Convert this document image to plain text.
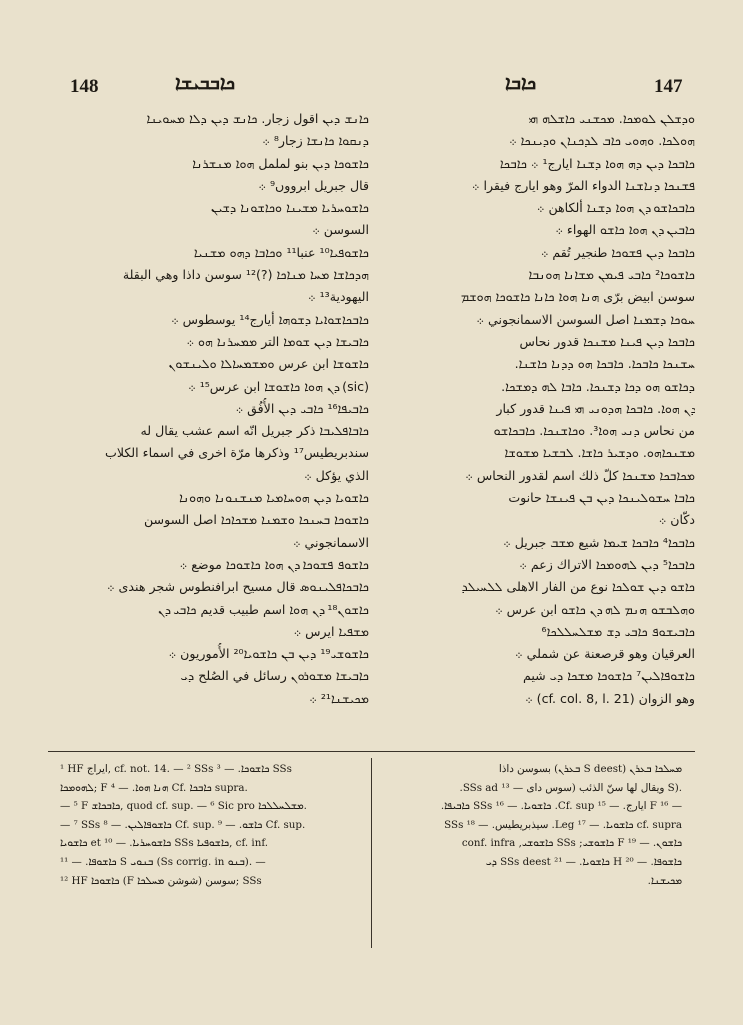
148	ܟܐܒܒܝܫܐ	ܟܐܒܐ	147
ܟܐܢܫ ܕܝܢ اقول زجار. ܟܐܢܫ ܕܝܢ ܕܠܐ ܡܚܘܝܢܐ
ܕܢܩܘܐ ܟܐܢܫܐ زجار⁸ ܀
ܟܐܫܘܟܐ ܕܝܢ بنو لململ ܗܘܐ ܡܢܫܪܢܐ
قال جبريل ابرووں⁹ ܀
ܟܐܫܘܚܪܝܐ ܡܫܝܢܐ ܘܟܐܫܘܢܐ ܕܫܝܢ
السوسن ܀
ܟܐܫܘܦܝܐ¹⁰ عنبا¹¹ ܘܟܐܒܐ ܕܗܘ ܡܫܢܝܐ
ܗܕܟܐܫܐ ܡܚܐ ܡܢܐܟܐ (?)¹² سوسن داذا وهي البقلة
اليهودية¹³ ܀
ܟܐܒܟܐܫܘܐܝܐ ܕܫܘܗܐ أيارج¹⁴ يوسطوس ܀
ܟܐܒܝܫܐ ܕܝܢ ܫܘܡܐ التر ܡܡܚܪܢܐ ܗܘ ܀
ܟܐܫܘܫܐ ابن عرس ܘܡܫܡܚܐܠܐ ܘܠܝܢܫܘܢ
(sic) ܕܢ ܗܘܐ ܟܐܫܘܫܐ ابن عرس¹⁵ ܀
ܟܐܒܝܦܐ¹⁶ ܟܐܒܝ ܕܝܢ الأُفُق ܀
ܟܐܒܐܦܠܝܒܐ ذكر جبريل انّه اسم عشب يقال له
سندبريطيس¹⁷ وذكرها مرّة اخرى في اسماء الكلاب
الذي يؤكل ܀
ܟܐܫܘܝܐ ܕܝܢ ܗܘܚܐܡܝܐ ܡܢܫܢܘܢܐ ܘܗܘܢܐ
ܟܐܫܘܟܐ ܒܚܢܟܐ ܘܫܡܢܐ ܡܫܟܐܟܐ اصل السوسن
الاسمانجوني ܀
ܟܐܫܘܦ ܦܫܘܟܐ ܕܢ ܗܘܐ ܟܐܫܘܟܐ موضع ܀
ܟܐܒܟܐܦܠܝܢܘܣ قال مسيح ابرافنطوس شجر هندى ܀
ܟܐܫܘܢ¹⁸ ܕܢ ܗܘܐ اسم طبيب قديم ܟܐܒܝ ܕܢ
ܡܫܦܝܐ ايرس ܀
ܟܐܫܘܫܝ¹⁹ ܕܝܢ ܒܢ ܟܐܫܘܝܐ²⁰ الأُموريون ܀
ܟܐܒܝܫܐ ܡܫܘܪܘܢ رسائل في الصُلح ܕܝ
ܡܟܝܫܢܐ²¹ ܀
ܘܕܫܠܢ ܠܘܡܟܐ. ܡܟܫܢܝ ܟܐܫܠܗ ܗܝ
ܗܘܠܟܐ. ܘܗܘܝ ܟܐܒ ܠܕܟܢܐܢ ܘܕܝܢܟܐ ܀
ܟܐܒܟܐ ܕܝܢ ܕܗ ܗܘܐ ܕܫܢܐ ايارج¹ ܀ ܟܐܒܟܐ
ܦܫܢܟܐ ܕܢܐܫܢܐ الدواء المرّ وهو ايارج فيقرا ܀
ܟܐܒܟܐܫܘ ܕܢ ܗܘܐ ܕܫܢܐ ألكاهن ܀
ܟܐܒܝܢ ܕܢ ܗܘܐ ܟܐܫܘ الهواء ܀
ܟܐܒܟܐ ܕܝܢ ܦܫܘܟܐ طنجير تُقم ܀
ܟܐܫܘܟܐ² ܟܐܒܝ ܦܝܡܢ ܡܫܐܢܐ ܗܘܢܒܐ
سوسن ابيض برّى ܗܢܐ ܗܘܐ ܟܐܢܐ ܟܐܫܘܟܐ ܗܘܫܡ
ܚܘܟܐ ܕܫܡܢܐ اصل السوسن الاسمانجوني ܀
ܟܐܒܟܐ ܕܝܢ ܦܝܢܐ ܡܫܢܟܐ قدور نحاس
ܚܫܢܟܐ ܟܐܒܟܐ. ܟܐܒܟܐ ܗܘ ܕܕܢܐ ܟܐܫܢܐ.
ܕܟܐܫܘ ܗܘ ܕܟܐ ܕܫܢܟܐ. ܟܐܒܐ ܠܗ ܕܡܫܟܐ.
ܕܢ ܗܘܐ. ܟܐܒܟܐ ܗܕܘܢܝ ܗܝ ܦܝܢܐ قدور كبار
من نحاس ܕܢܝ ܗܘܐ³. ܘܟܐܫܢܟܐ. ܟܐܒܟܐܫܘ
ܡܫܢܟܐܗܘ. ܘܕܫܝܪ ܟܐܫܐ. ܠܒܫܝܐ ܡܫܘܫܐ
ܡܟܐܒܟܐ ܡܫܢܟܐ كلّ ذلك اسم لقدور النحاس ܀
ܟܐܒܐ ܚܫܘܠܝܢܟܐ ܕܝܢ ܒܢ ܦܝܢܫܐ حانوت
دكّان ܀
ܟܐܒܟܐ⁴ ܟܐܒܟܐ ܫܝܡܐ شيع ܡܫܒ جبريل ܀
ܟܐܒܟܐ⁵ ܕܝܢ ܠܗܘܡܟܐ الاتراك زعم ܀
ܟܐܫܘ ܕܝܢ ܫܘܠܟܐ نوع من الفار الاهلى ܠܠܚܝܠܕ
ܘܗܠܒܫܘ ܗܢܡ ܠܗ ܕܢ ܟܐܫܘ ابن عرس ܀
ܟܐܒܝܫܘܦ ܟܐܒܝ ܕܫ ܡܫܠܚܠܠܟܐ⁶
العرقيان وهو قرصعنة عن شملي ܀
ܟܐܫܘܦܐܠܝܢ⁷ ܟܐܫܘܟܐ ܡܫܟܐ ܕܝ شيم
وهو الزوان (cf. col. 8, l. 21) ܀
¹ HF ايراج, cf. not. 14. — ² SSs ܟܐܫܘܟܐ. — ³ SSs
ܠܗܘܡܟܐ; F ܗܢܐ ܗܘܐ. — ⁴ Cf. ܟܐܒܟܐ supra.
— ⁵ F ܟܐܒܟܐܫ, quod cf. sup. — ⁶ Sic pro ܡܫܠܚܠܠܟܐ.
— ⁷ SSs ܟܐܫܘܦܐܠܝܢ. — ⁸ Cf. sup. ܟܐܫܘ. — ⁹ Cf. sup.
ܟܐܫܘܝܐ et ܟܐܫܘܚܪܝܐ. — ¹⁰ SSs ܟܐܫܘܦܝܐ, cf. inf.
ܟܐܫܘܦܐ. — ¹¹ S ܒܢܘܝ (Ss corrig. in ܒܢܘ). —
¹² HF ܟܐܫܘܟܐ (F سوسن (شوشن ܡܚܠܟܐ; SSs
ܡܚܠܟܐ ܒܥܪܢ (S deest ܒܥܪܢ) بسوسن داذا
.(S ويقال لها سنّ الذئب (سوس داى — ¹³ SSs ad.
— ¹⁶ F ايارج. — ¹⁵ Cf. sup. ܟܐܫܘܝܐ. — ¹⁶ SSs ܟܐܒܝܦܐ.
cf. supra ܟܐܫܘܝܐ. — ¹⁷ Leg. سيذبريطيس. — ¹⁸ SSs
ܟܐܫܘܢ. — ¹⁹ F ܟܐܫܘܫܝ; SSs ܟܐܫܘܫܝ, conf. infra
ܟܐܫܘܦܐ. — ²⁰ H ܟܐܫܘܝܐ. — ²¹ SSs deest ܕܝ
ܡܟܝܫܢܐ.
